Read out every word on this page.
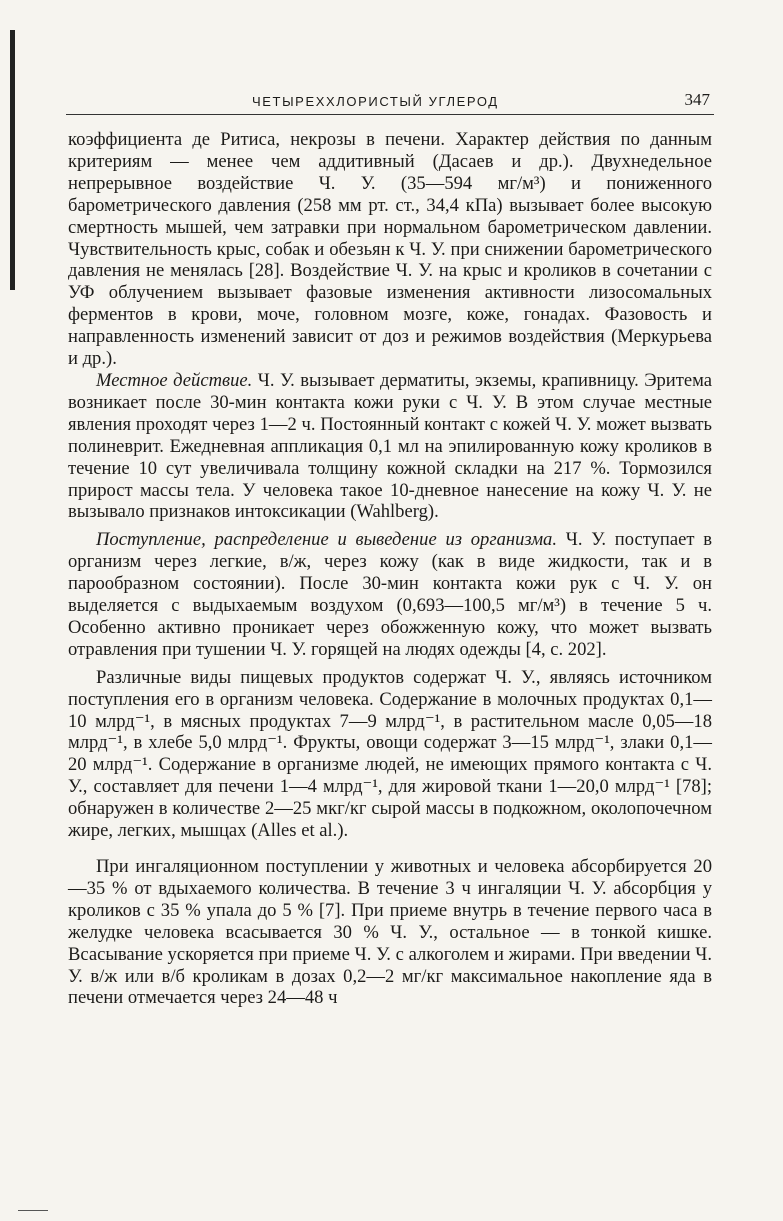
ЧЕТЫРЕХХЛОРИСТЫЙ УГЛЕРОД	347

коэффициента де Ритиса, некрозы в печени. Характер действия по данным критериям — менее чем аддитивный (Дасаев и др.). Двухнедельное непрерывное воздействие Ч. У. (35—594 мг/м³) и пониженного барометрического давления (258 мм рт. ст., 34,4 кПа) вызывает более высокую смертность мышей, чем затравки при нормальном барометрическом давлении. Чувствительность крыс, собак и обезьян к Ч. У. при снижении барометрического давления не менялась [28]. Воздействие Ч. У. на крыс и кроликов в сочетании с УФ облучением вызывает фазовые изменения активности лизосомальных ферментов в крови, моче, головном мозге, коже, гонадах. Фазовость и направленность изменений зависит от доз и режимов воздействия (Меркурьева и др.).

Местное действие. Ч. У. вызывает дерматиты, экземы, крапивницу. Эритема возникает после 30-мин контакта кожи руки с Ч. У. В этом случае местные явления проходят через 1—2 ч. Постоянный контакт с кожей Ч. У. может вызвать полиневрит. Ежедневная аппликация 0,1 мл на эпилированную кожу кроликов в течение 10 сут увеличивала толщину кожной складки на 217 %. Тормозился прирост массы тела. У человека такое 10-дневное нанесение на кожу Ч. У. не вызывало признаков интоксикации (Wahlberg).

Поступление, распределение и выведение из организма. Ч. У. поступает в организм через легкие, в/ж, через кожу (как в виде жидкости, так и в парообразном состоянии). После 30-мин контакта кожи рук с Ч. У. он выделяется с выдыхаемым воздухом (0,693—100,5 мг/м³) в течение 5 ч. Особенно активно проникает через обожженную кожу, что может вызвать отравления при тушении Ч. У. горящей на людях одежды [4, с. 202].

Различные виды пищевых продуктов содержат Ч. У., являясь источником поступления его в организм человека. Содержание в молочных продуктах 0,1—10 млрд⁻¹, в мясных продуктах 7—9 млрд⁻¹, в растительном масле 0,05—18 млрд⁻¹, в хлебе 5,0 млрд⁻¹. Фрукты, овощи содержат 3—15 млрд⁻¹, злаки 0,1—20 млрд⁻¹. Содержание в организме людей, не имеющих прямого контакта с Ч. У., составляет для печени 1—4 млрд⁻¹, для жировой ткани 1—20,0 млрд⁻¹ [78]; обнаружен в количестве 2—25 мкг/кг сырой массы в подкожном, околопочечном жире, легких, мышцах (Alles et al.).

При ингаляционном поступлении у животных и человека абсорбируется 20—35 % от вдыхаемого количества. В течение 3 ч ингаляции Ч. У. абсорбция у кроликов с 35 % упала до 5 % [7]. При приеме внутрь в течение первого часа в желудке человека всасывается 30 % Ч. У., остальное — в тонкой кишке. Всасывание ускоряется при приеме Ч. У. с алкоголем и жирами. При введении Ч. У. в/ж или в/б кроликам в дозах 0,2—2 мг/кг максимальное накопление яда в печени отмечается через 24—48 ч
